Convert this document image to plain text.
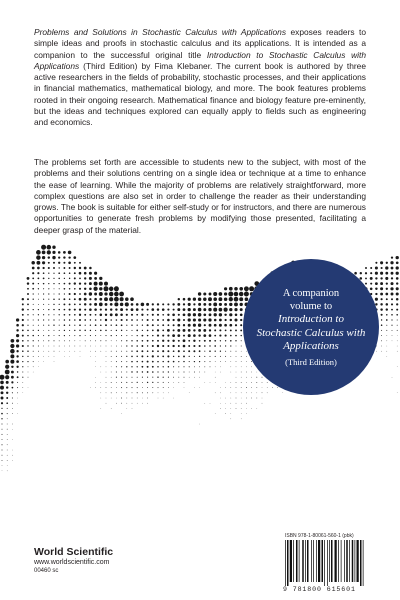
Problems and Solutions in Stochastic Calculus with Applications exposes readers to simple ideas and proofs in stochastic calculus and its applications. It is intended as a companion to the successful original title Introduction to Stochastic Calculus with Applications (Third Edition) by Fima Klebaner. The current book is authored by three active researchers in the fields of probability, stochastic processes, and their applications in financial mathematics, mathematical biology, and more. The book features problems rooted in their ongoing research. Mathematical finance and biology feature pre-eminently, but the ideas and techniques explored can equally apply to fields such as engineering and economics.

The problems set forth are accessible to students new to the subject, with most of the problems and their solutions centring on a single idea or technique at a time to enhance the ease of learning. While the majority of problems are relatively straightforward, more complex questions are also set in order to challenge the reader as their understanding grows. The book is suitable for either self-study or for instructors, and there are numerous opportunities to generate fresh problems by modifying those presented, facilitating a deeper grasp of the material.

A companion
volume to
Introduction to
Stochastic Calculus with
Applications
(Third Edition)
World Scientific
www.worldscientific.com
00460 sc
ISBN 978-1-80061-560-1 (pbk)
9 781800 615601
